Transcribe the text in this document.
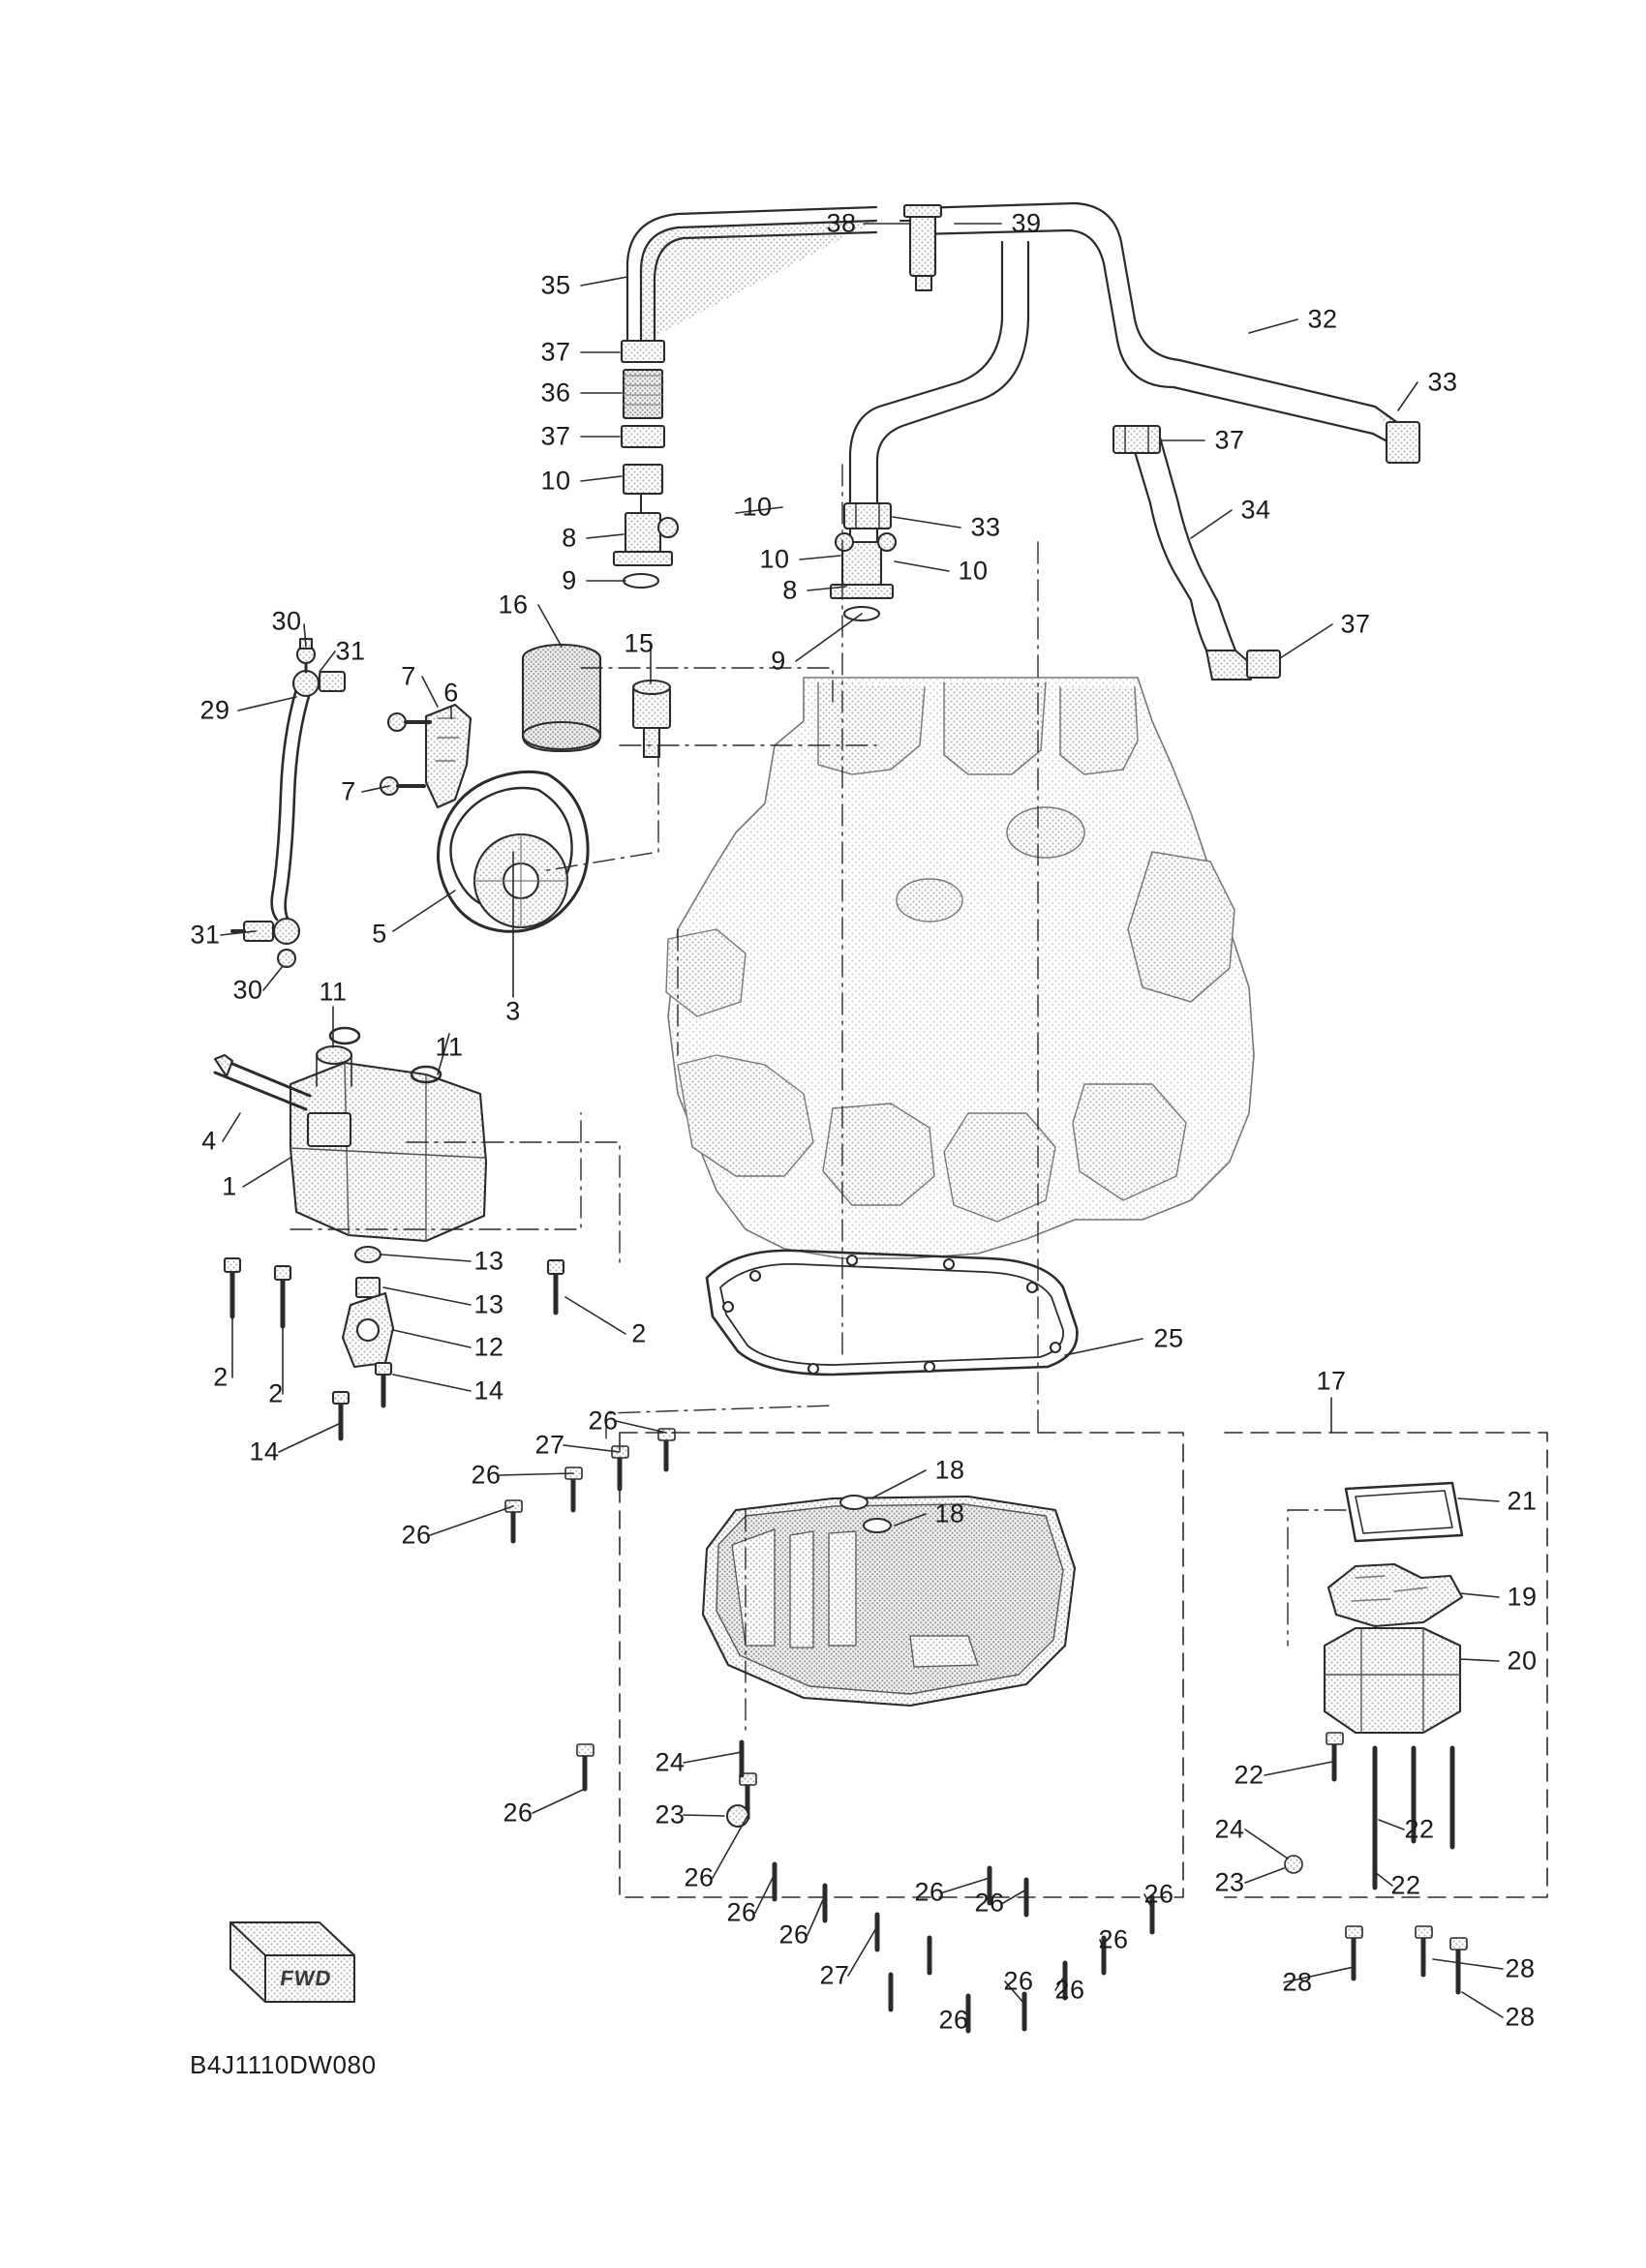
FWD
B4J1110DW080
38	39
35
32
33
37
36
37	37
10
10
33
34
8
10	10
9	8
37
16
15
9
30
31
29
7
6
7
5
31
30
3
11
11
4
1
13
13
12
14
2
2
2
14
25
17
26
27
26	18
18	21
26
19
20
24	22
26	23	24	22
23	22
26	26 26	26
26
26	26
27	26 26
26
28	28
28
